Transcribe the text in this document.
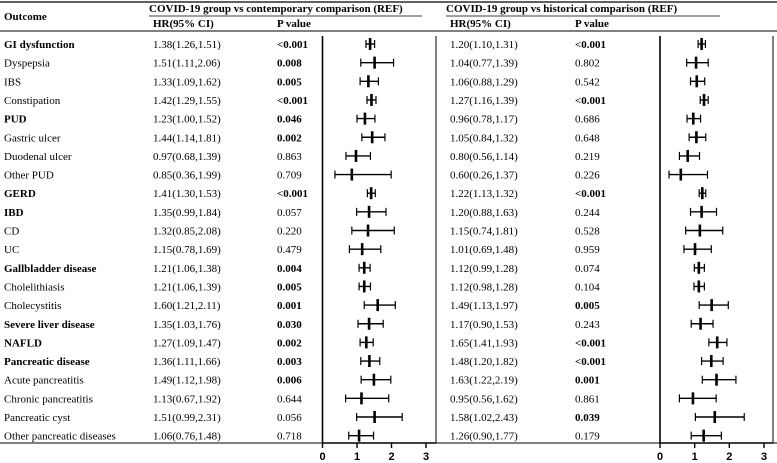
Outcome
COVID-19 group vs contemporary comparison (REF)	COVID-19 group vs historical comparison (REF)
HR(95% CI)	P value	HR(95% CI)	P value
GI dysfunction	1.38(1.26,1.51)	<0.001	1.20(1.10,1.31)	<0.001
Dyspepsia	1.51(1.11,2.06)	0.008	1.04(0.77,1.39)	0.802
IBS	1.33(1.09,1.62)	0.005	1.06(0.88,1.29)	0.542
Constipation	1.42(1.29,1.55)	<0.001	1.27(1.16,1.39)	<0.001
PUD	1.23(1.00,1.52)	0.046	0.96(0.78,1.17)	0.686
Gastric ulcer	1.44(1.14,1.81)	0.002	1.05(0.84,1.32)	0.648
Duodenal ulcer	0.97(0.68,1.39)	0.863	0.80(0.56,1.14)	0.219
Other PUD	0.85(0.36,1.99)	0.709	0.60(0.26,1.37)	0.226
GERD	1.41(1.30,1.53)	<0.001	1.22(1.13,1.32)	<0.001
IBD	1.35(0.99,1.84)	0.057	1.20(0.88,1.63)	0.244
CD	1.32(0.85,2.08)	0.220	1.15(0.74,1.81)	0.528
UC	1.15(0.78,1.69)	0.479	1.01(0.69,1.48)	0.959
Gallbladder disease	1.21(1.06,1.38)	0.004	1.12(0.99,1.28)	0.074
Cholelithiasis	1.21(1.06,1.39)	0.005	1.12(0.98,1.28)	0.104
Cholecystitis	1.60(1.21,2.11)	0.001	1.49(1.13,1.97)	0.005
Severe liver disease	1.35(1.03,1.76)	0.030	1.17(0.90,1.53)	0.243
NAFLD	1.27(1.09,1.47)	0.002	1.65(1.41,1.93)	<0.001
Pancreatic disease	1.36(1.11,1.66)	0.003	1.48(1.20,1.82)	<0.001
Acute pancreatitis	1.49(1.12,1.98)	0.006	1.63(1.22,2.19)	0.001
Chronic pancreatitis	1.13(0.67,1.92)	0.644	0.95(0.56,1.62)	0.861
Pancreatic cyst	1.51(0.99,2.31)	0.056	1.58(1.02,2.43)	0.039
Other pancreatic diseases	1.06(0.76,1.48)	0.718	1.26(0.90,1.77)	0.179
0	1	2	3	0	1	2	3
